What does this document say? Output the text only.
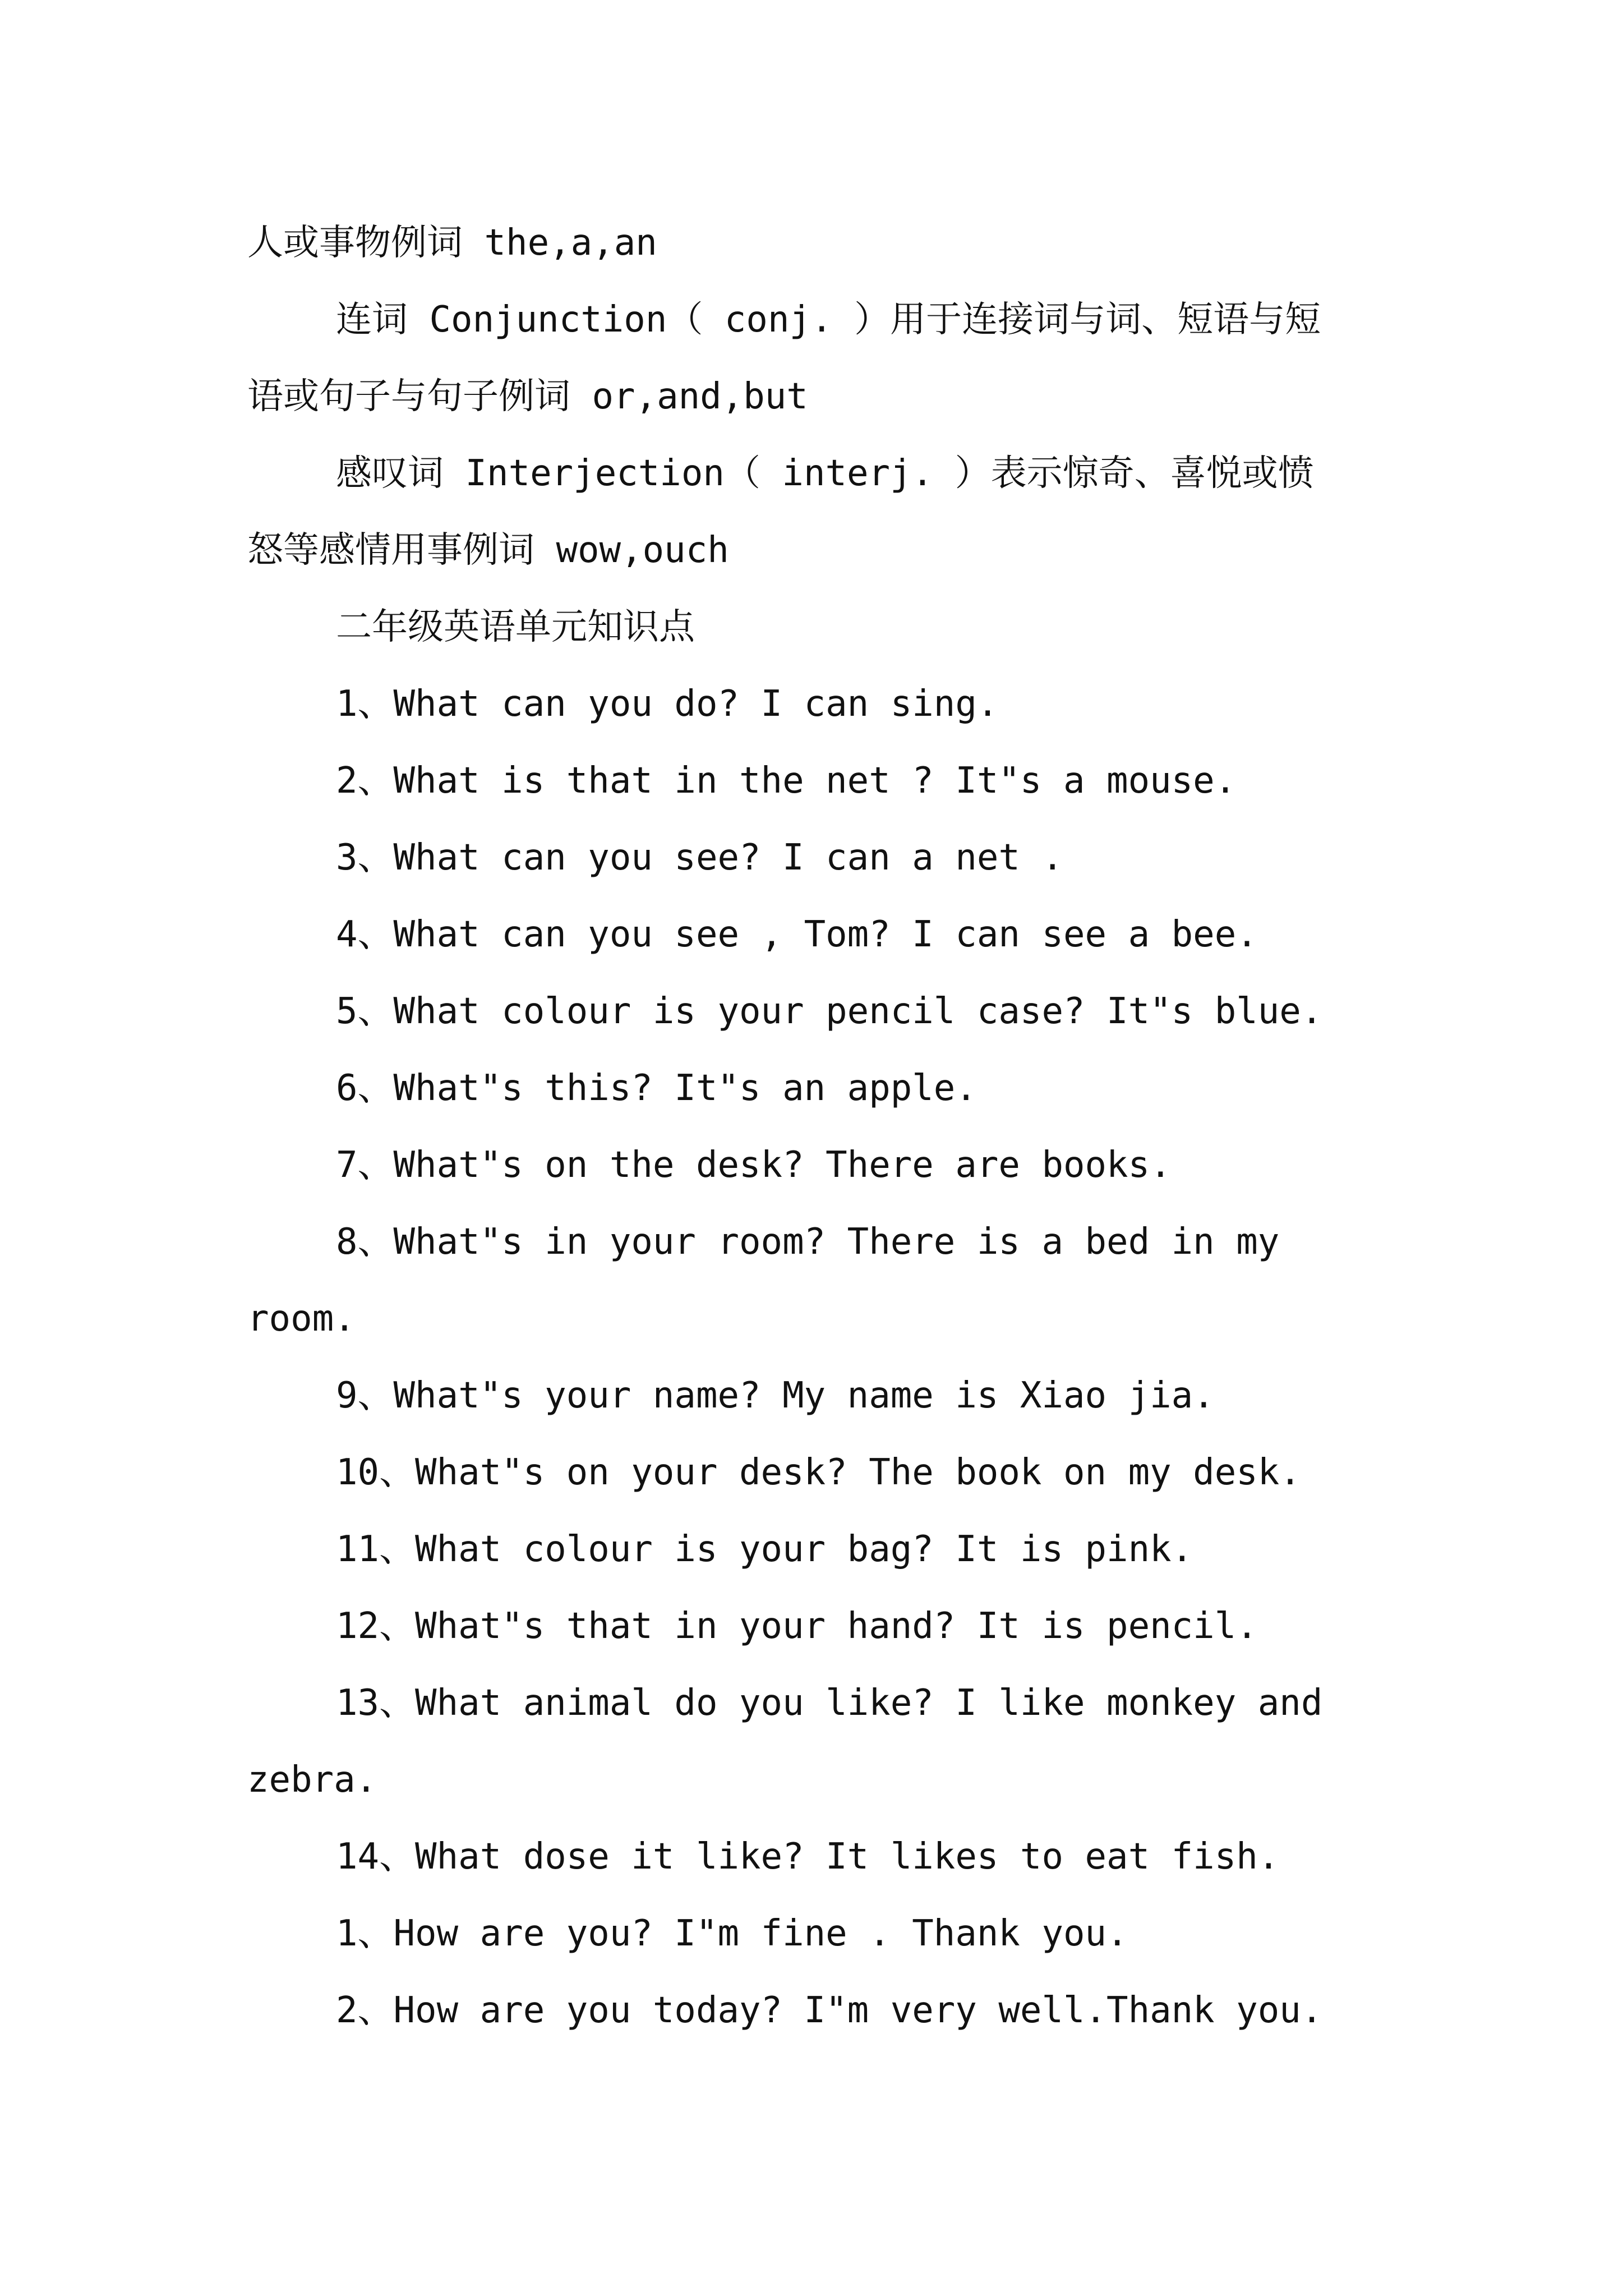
人或事物例词 the,a,an
连词 Conjunction（ conj. ）用于连接词与词、短语与短
语或句子与句子例词 or,and,but
感叹词 Interjection（ interj. ）表示惊奇、喜悦或愤
怒等感情用事例词 wow,ouch
二年级英语单元知识点
1、What can you do? I can sing.
2、What is that in the net ? It"s a mouse.
3、What can you see? I can a net .
4、What can you see , Tom? I can see a bee.
5、What colour is your pencil case? It"s blue.
6、What"s this? It"s an apple.
7、What"s on the desk? There are books.
8、What"s in your room? There is a bed in my
room.
9、What"s your name? My name is Xiao jia.
10、What"s on your desk? The book on my desk.
11、What colour is your bag? It is pink.
12、What"s that in your hand? It is pencil.
13、What animal do you like? I like monkey and
zebra.
14、What dose it like? It likes to eat fish.
1、How are you? I"m fine . Thank you.
2、How are you today? I"m very well.Thank you.
